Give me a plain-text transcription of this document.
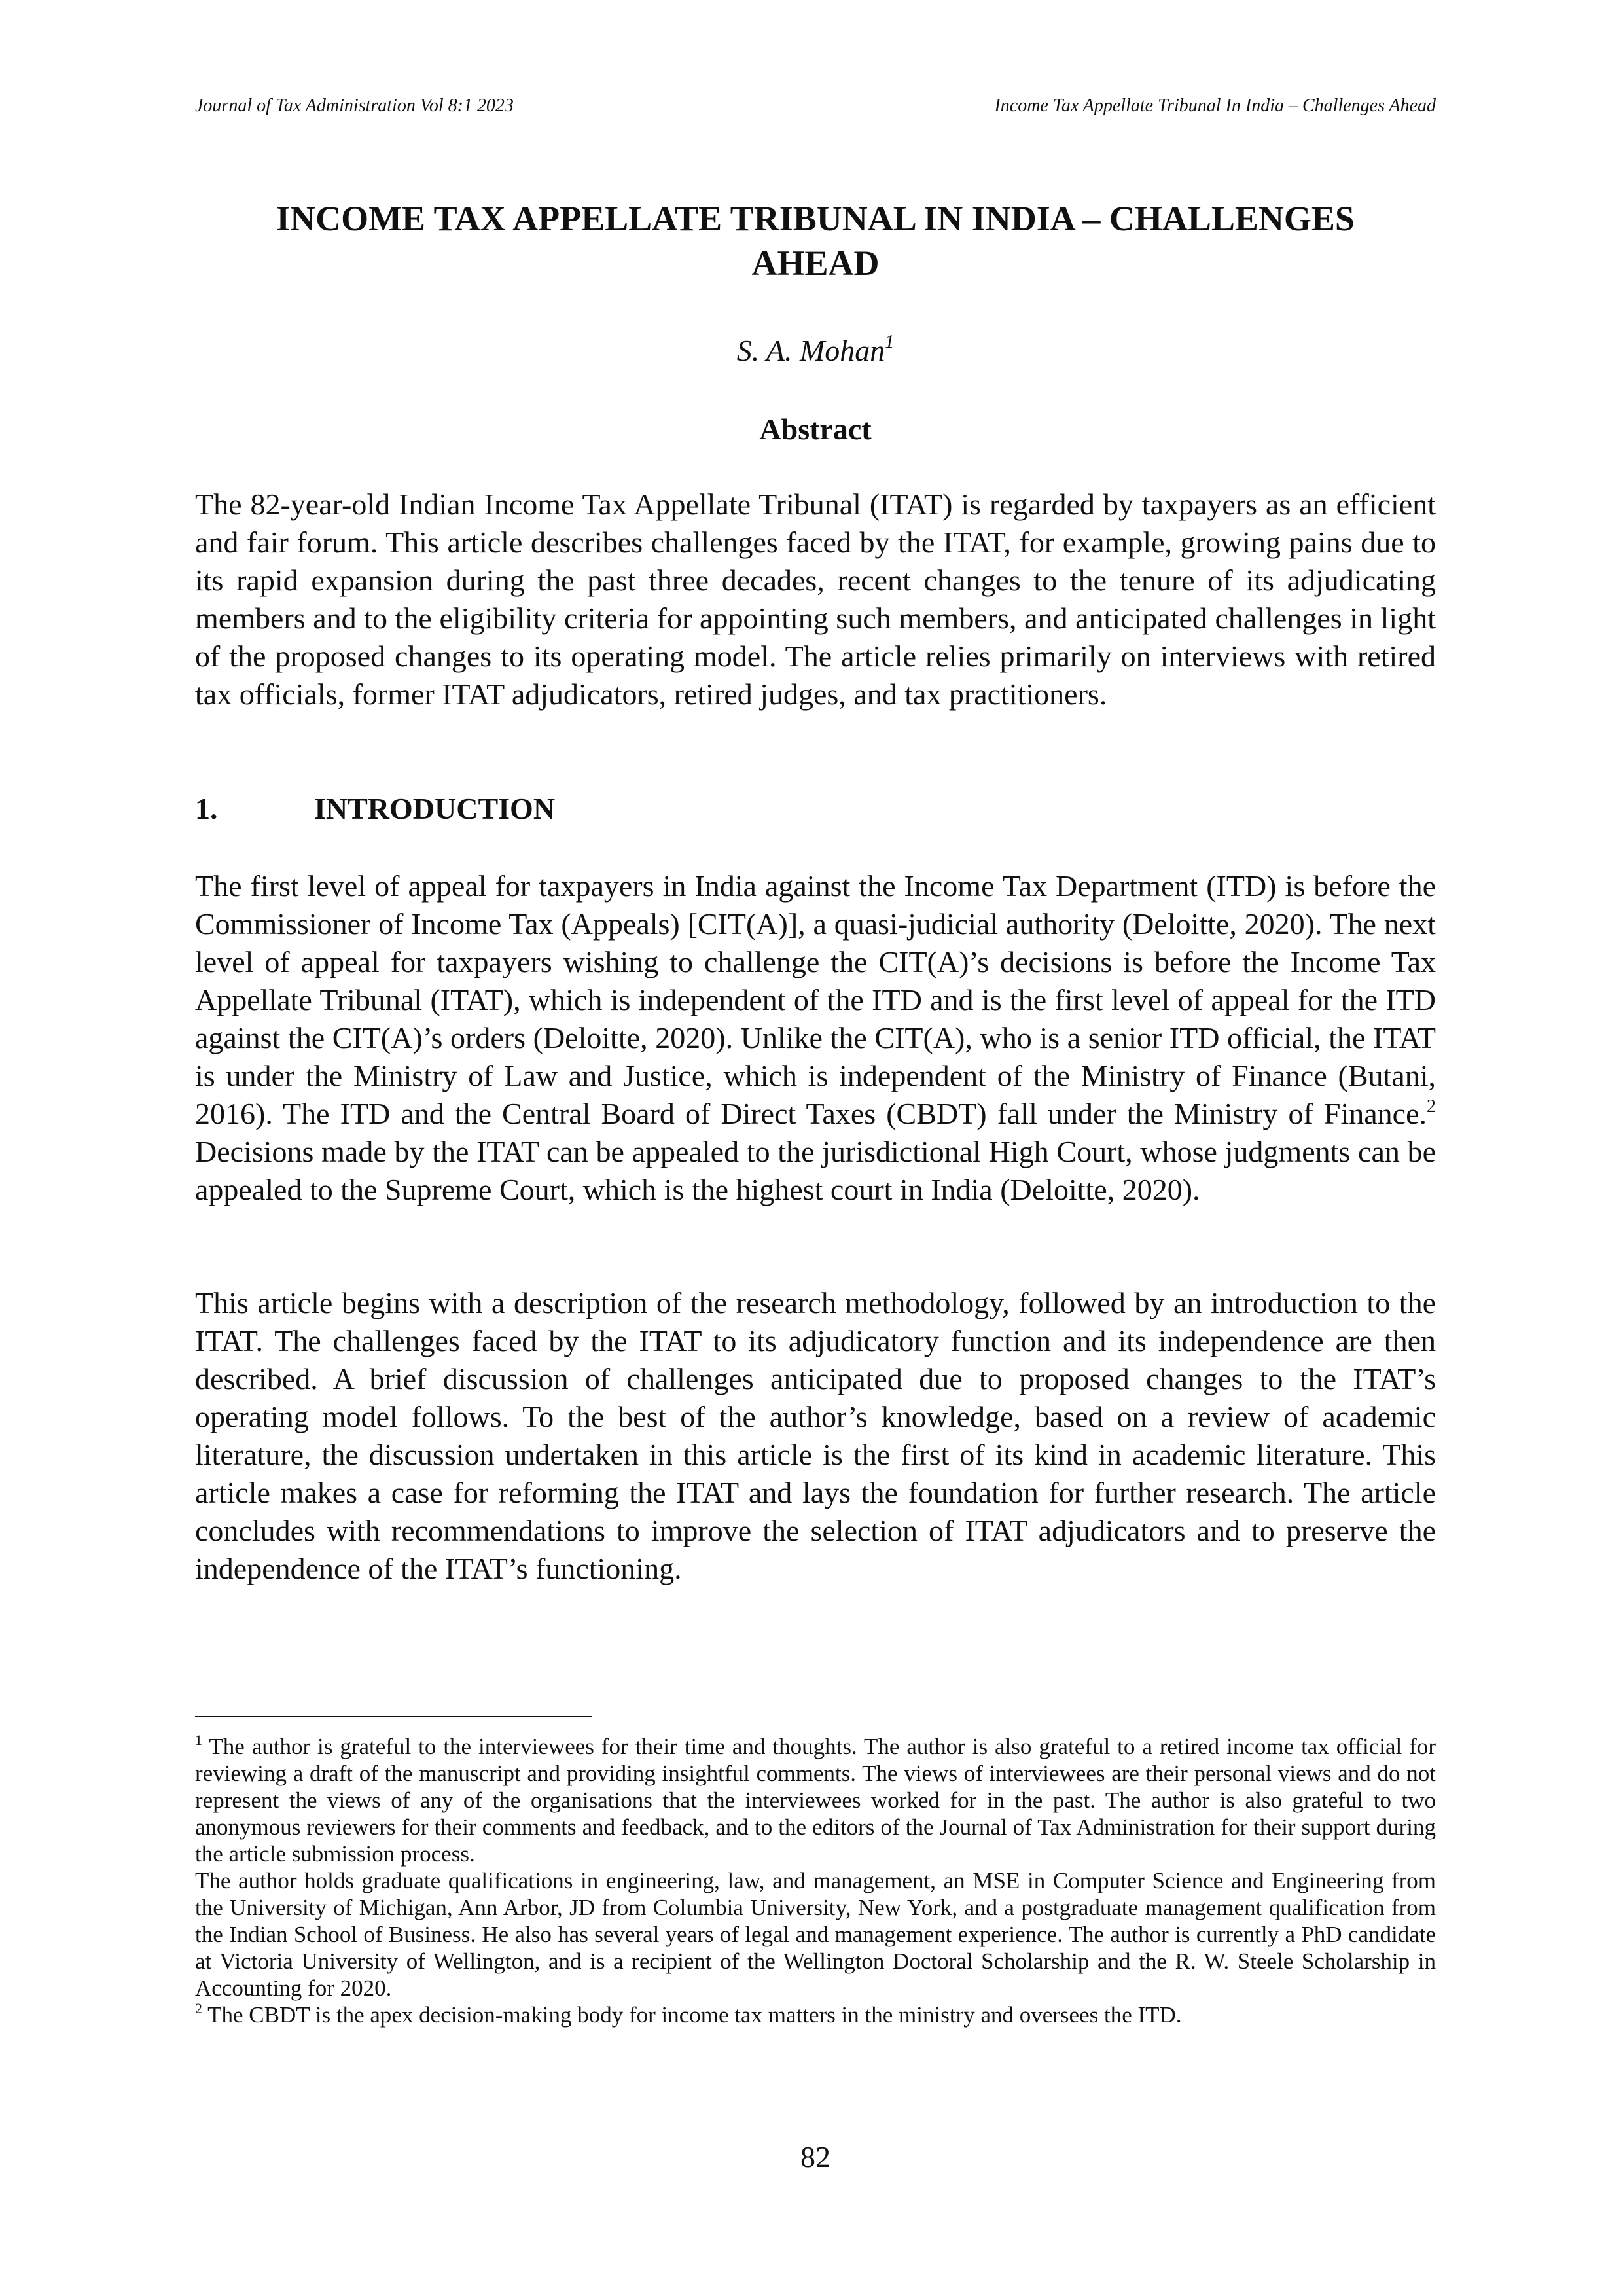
Journal of Tax Administration Vol 8:1 2023	Income Tax Appellate Tribunal In India – Challenges Ahead
INCOME TAX APPELLATE TRIBUNAL IN INDIA – CHALLENGES
AHEAD
S. A. Mohan$^1$
Abstract

The 82-year-old Indian Income Tax Appellate Tribunal (ITAT) is regarded by taxpayers as an efficient and fair forum. This article describes challenges faced by the ITAT, for example, growing pains due to its rapid expansion during the past three decades, recent changes to the tenure of its adjudicating members and to the eligibility criteria for appointing such members, and anticipated challenges in light of the proposed changes to its operating model. The article relies primarily on interviews with retired tax officials, former ITAT adjudicators, retired judges, and tax practitioners.

1.	INTRODUCTION

The first level of appeal for taxpayers in India against the Income Tax Department (ITD) is before the Commissioner of Income Tax (Appeals) [CIT(A)], a quasi-judicial authority (Deloitte, 2020). The next level of appeal for taxpayers wishing to challenge the CIT(A)’s decisions is before the Income Tax Appellate Tribunal (ITAT), which is independent of the ITD and is the first level of appeal for the ITD against the CIT(A)’s orders (Deloitte, 2020). Unlike the CIT(A), who is a senior ITD official, the ITAT is under the Ministry of Law and Justice, which is independent of the Ministry of Finance (Butani, 2016). The ITD and the Central Board of Direct Taxes (CBDT) fall under the Ministry of Finance.$^2$ Decisions made by the ITAT can be appealed to the jurisdictional High Court, whose judgments can be appealed to the Supreme Court, which is the highest court in India (Deloitte, 2020).

This article begins with a description of the research methodology, followed by an introduction to the ITAT. The challenges faced by the ITAT to its adjudicatory function and its independence are then described. A brief discussion of challenges anticipated due to proposed changes to the ITAT’s operating model follows. To the best of the author’s knowledge, based on a review of academic literature, the discussion undertaken in this article is the first of its kind in academic literature. This article makes a case for reforming the ITAT and lays the foundation for further research. The article concludes with recommendations to improve the selection of ITAT adjudicators and to preserve the independence of the ITAT’s functioning.

$^1$ The author is grateful to the interviewees for their time and thoughts. The author is also grateful to a retired income tax official for reviewing a draft of the manuscript and providing insightful comments. The views of interviewees are their personal views and do not represent the views of any of the organisations that the interviewees worked for in the past. The author is also grateful to two anonymous reviewers for their comments and feedback, and to the editors of the Journal of Tax Administration for their support during the article submission process.

The author holds graduate qualifications in engineering, law, and management, an MSE in Computer Science and Engineering from the University of Michigan, Ann Arbor, JD from Columbia University, New York, and a postgraduate management qualification from the Indian School of Business. He also has several years of legal and management experience. The author is currently a PhD candidate at Victoria University of Wellington, and is a recipient of the Wellington Doctoral Scholarship and the R. W. Steele Scholarship in Accounting for 2020.

$^2$ The CBDT is the apex decision-making body for income tax matters in the ministry and oversees the ITD.

82
